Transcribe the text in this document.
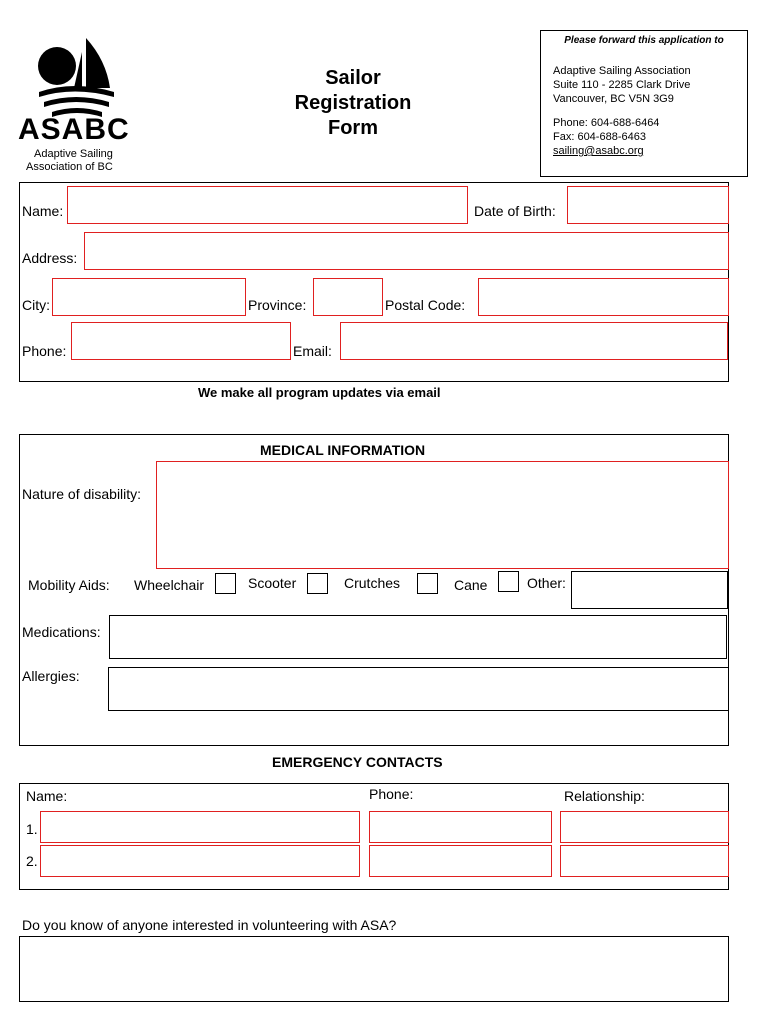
ASABC
Adaptive Sailing
Association of BC
Sailor
Registration
Form
Please forward this application to
Adaptive Sailing Association
Suite 110 - 2285 Clark Drive
Vancouver, BC V5N 3G9
Phone: 604-688-6464
Fax: 604-688-6463
sailing@asabc.org
Name:	Date of Birth:
Address:
City:	Province:	Postal Code:
Phone:	Email:
We make all program updates via email
MEDICAL INFORMATION
Nature of disability:
Mobility Aids: Wheelchair	Scooter	Crutches	Cane	Other:
Medications:
Allergies:
EMERGENCY CONTACTS
Name:	Phone:	Relationship:
1.
2.
Do you know of anyone interested in volunteering with ASA?
